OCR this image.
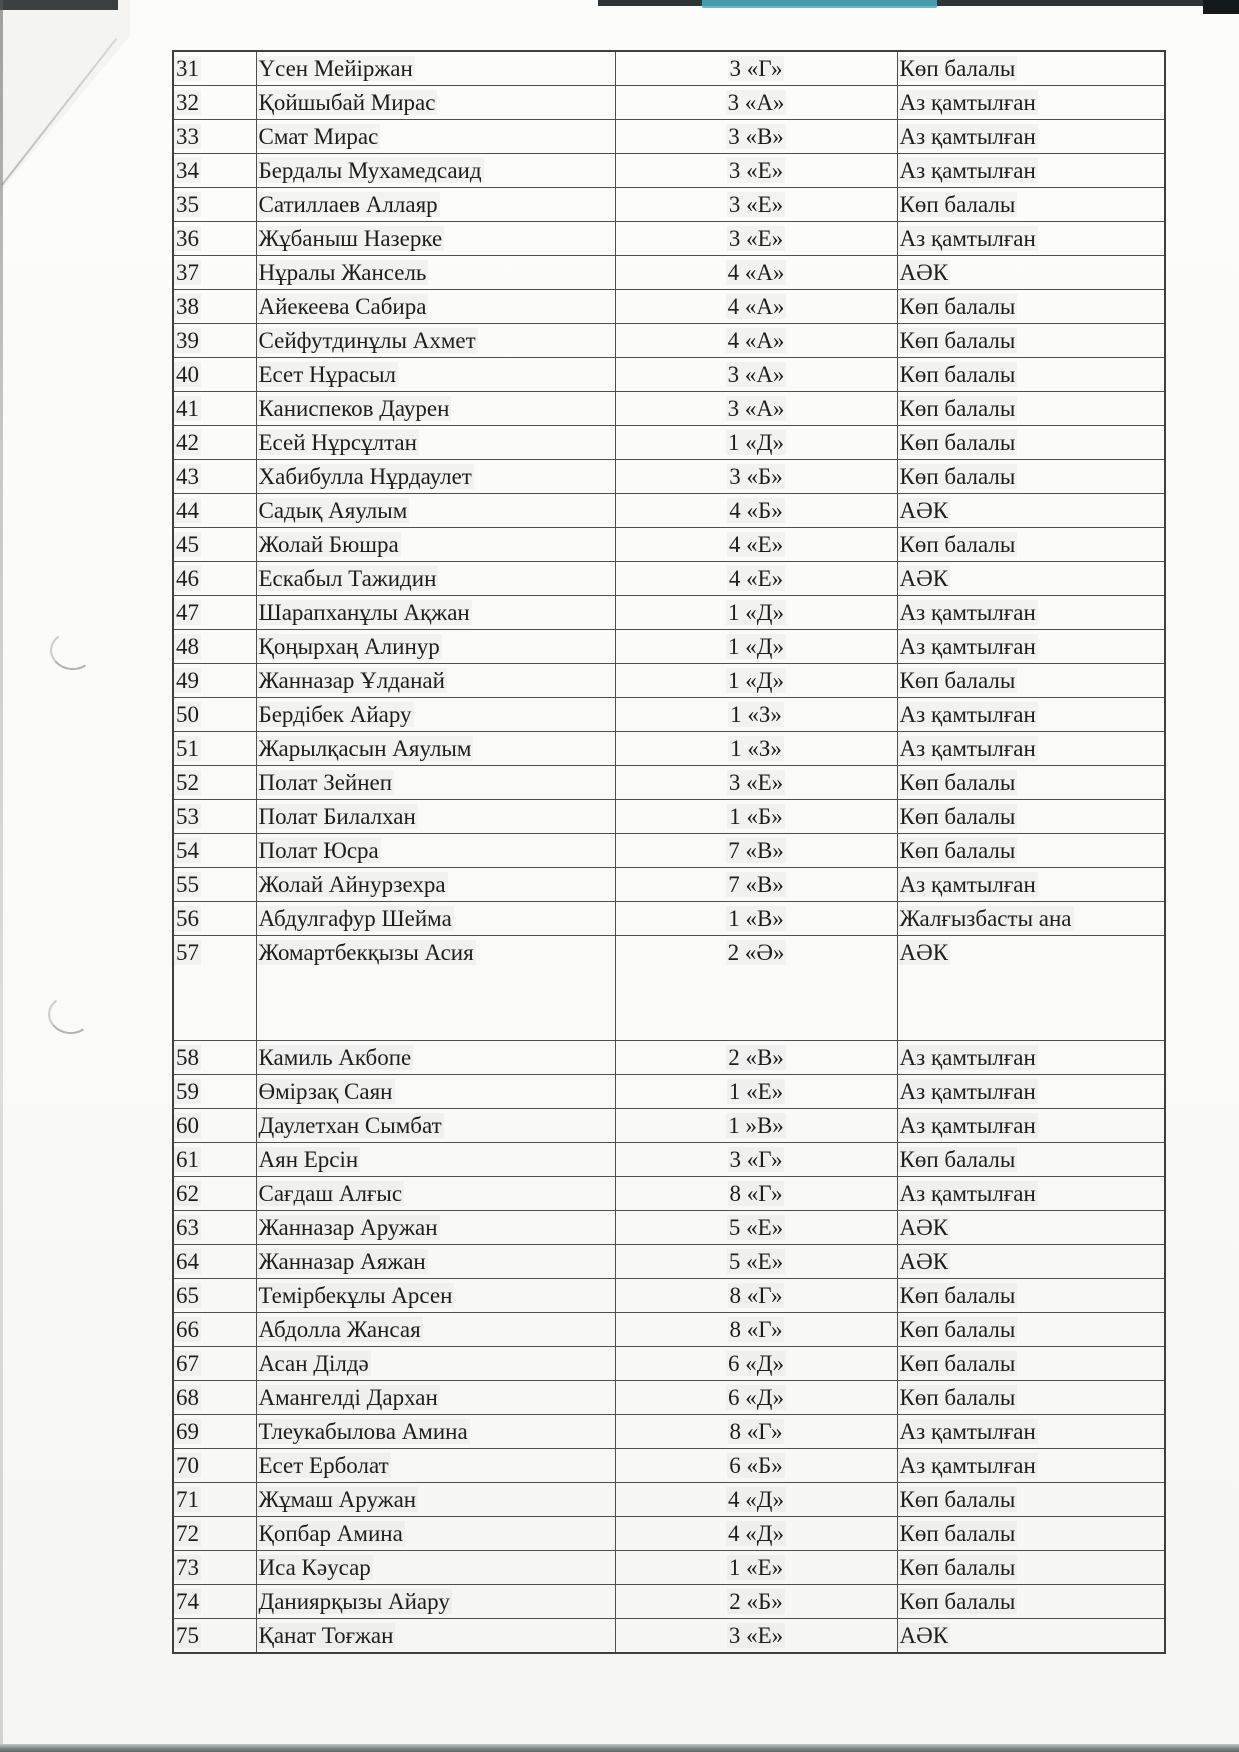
31	Үсен Мейіржан	3 «Г»	Көп балалы
32	Қойшыбай Мирас	3 «А»	Аз қамтылған
33	Смат Мирас	3 «В»	Аз қамтылған
34	Бердалы Мухамедсаид	3 «Е»	Аз қамтылған
35	Сатиллаев Аллаяр	3 «Е»	Көп балалы
36	Жұбаныш Назерке	3 «Е»	Аз қамтылған
37	Нұралы Жансель	4 «А»	АӘК
38	Айекеева Сабира	4 «А»	Көп балалы
39	Сейфутдинұлы Ахмет	4 «А»	Көп балалы
40	Есет Нұрасыл	3 «А»	Көп балалы
41	Каниспеков Даурен	3 «А»	Көп балалы
42	Есей Нұрсұлтан	1 «Д»	Көп балалы
43	Хабибулла Нұрдаулет	3 «Б»	Көп балалы
44	Садық Аяулым	4 «Б»	АӘК
45	Жолай Бюшра	4 «Е»	Көп балалы
46	Ескабыл Тажидин	4 «Е»	АӘК
47	Шарапханұлы Ақжан	1 «Д»	Аз қамтылған
48	Қоңырхаң Алинур	1 «Д»	Аз қамтылған
49	Жанназар Ұлданай	1 «Д»	Көп балалы
50	Бердібек Айару	1 «З»	Аз қамтылған
51	Жарылқасын Аяулым	1 «З»	Аз қамтылған
52	Полат Зейнеп	3 «Е»	Көп балалы
53	Полат Билалхан	1 «Б»	Көп балалы
54	Полат Юсра	7 «В»	Көп балалы
55	Жолай Айнурзехра	7 «В»	Аз қамтылған
56	Абдулгафур Шейма	1 «В»	Жалғызбасты ана
57	Жомартбекқызы Асия	2 «Ә»	АӘК
58	Камиль Акбопе	2 «В»	Аз қамтылған
59	Өмірзақ Саян	1 «Е»	Аз қамтылған
60	Даулетхан Сымбат	1 »В»	Аз қамтылған
61	Аян Ерсін	3 «Г»	Көп балалы
62	Сағдаш Алғыс	8 «Г»	Аз қамтылған
63	Жанназар Аружан	5 «Е»	АӘК
64	Жанназар Аяжан	5 «Е»	АӘК
65	Темірбекұлы Арсен	8 «Г»	Көп балалы
66	Абдолла Жансая	8 «Г»	Көп балалы
67	Асан Ділдә	6 «Д»	Көп балалы
68	Амангелді Дархан	6 «Д»	Көп балалы
69	Тлеукабылова Амина	8 «Г»	Аз қамтылған
70	Есет Ерболат	6 «Б»	Аз қамтылған
71	Жұмаш Аружан	4 «Д»	Көп балалы
72	Қопбар Амина	4 «Д»	Көп балалы
73	Иса Кәусар	1 «Е»	Көп балалы
74	Даниярқызы Айару	2 «Б»	Көп балалы
75	Қанат Тоғжан	3 «Е»	АӘК
